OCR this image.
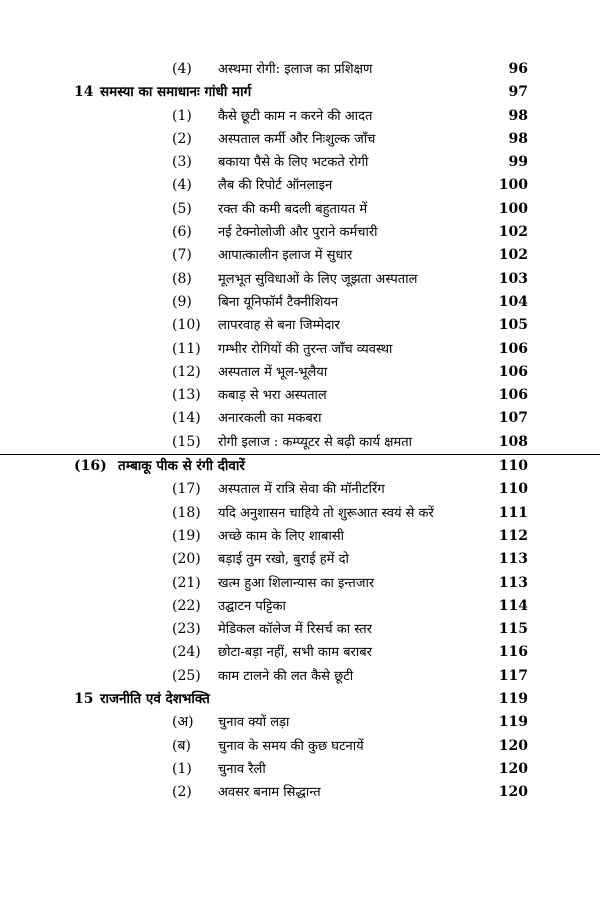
(4) अस्थमा रोगी: इलाज का प्रशिक्षण	96
14 समस्या का समाधानः गांधी मार्ग	97
(1) कैसे छूटी काम न करने की आदत	98
(2) अस्पताल कर्मी और निःशुल्क जाँच	98
(3) बकाया पैसे के लिए भटकते रोगी	99
(4) लैब की रिपोर्ट ऑनलाइन	100
(5) रक्त की कमी बदली बहुतायत में	100
(6) नई टेक्नोलोजी और पुराने कर्मचारी	102
(7) आपात्कालीन इलाज में सुधार	102
(8) मूलभूत सुविधाओं के लिए जूझता अस्पताल	103
(9) बिना यूनिफॉर्म टैक्नीशियन	104
(10) लापरवाह से बना जिम्मेदार	105
(11) गम्भीर रोगियों की तुरन्त जाँच व्यवस्था	106
(12) अस्पताल में भूल-भूलैया	106
(13) कबाड़ से भरा अस्पताल	106
(14) अनारकली का मकबरा	107
(15) रोगी इलाज : कम्प्यूटर से बढ़ी कार्य क्षमता	108
(16) तम्बाकू पीक से रंगी दीवारें	110
(17) अस्पताल में रात्रि सेवा की मॉनीटरिंग	110
(18) यदि अनुशासन चाहिये तो शुरूआत स्वयं से करें	111
(19) अच्छे काम के लिए शाबासी	112
(20) बड़ाई तुम रखो, बुराई हमें दो	113
(21) खत्म हुआ शिलान्यास का इन्तजार	113
(22) उद्घाटन पट्टिका	114
(23) मेडिकल कॉलेज में रिसर्च का स्तर	115
(24) छोटा-बड़ा नहीं, सभी काम बराबर	116
(25) काम टालने की लत कैसे छूटी	117
15 राजनीति एवं देशभक्ति	119
(अ) चुनाव क्यों लड़ा	119
(ब) चुनाव के समय की कुछ घटनायें	120
(1) चुनाव रैली	120
(2) अवसर बनाम सिद्धान्त	120
